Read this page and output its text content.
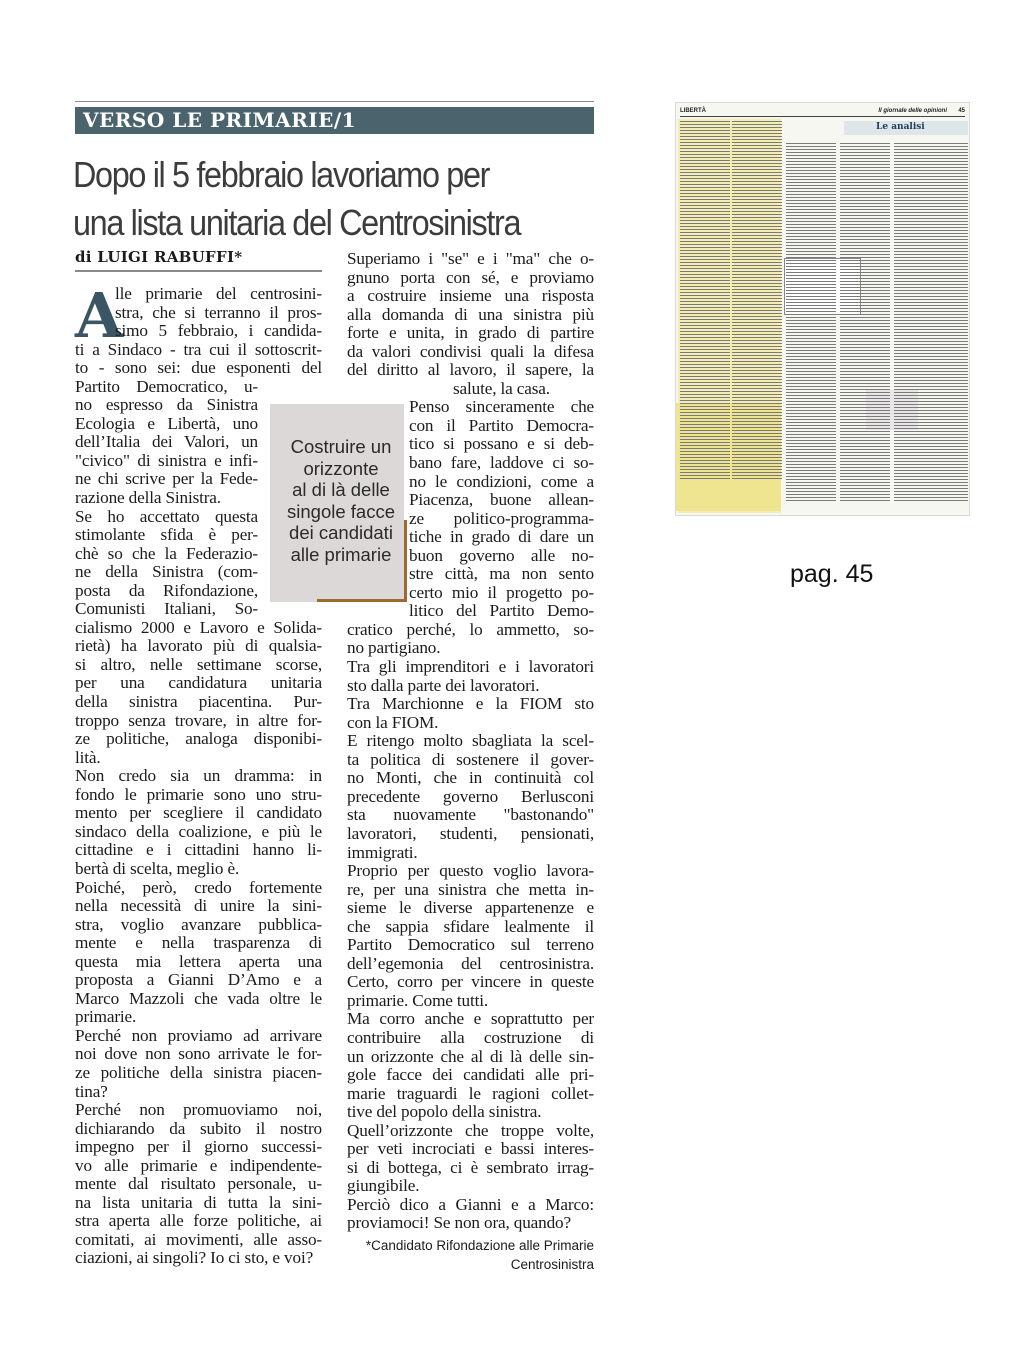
VERSO LE PRIMARIE/1
Dopo il 5 febbraio lavoriamo per
una lista unitaria del Centrosinistra
di LUIGI RABUFFI*
A
lle primarie del centrosini-
stra, che si terranno il pros-
simo 5 febbraio, i candida-
ti a Sindaco - tra cui il sottoscrit-
to - sono sei: due esponenti del
Partito Democratico, u-
no espresso da Sinistra
Ecologia e Libertà, uno
dell’Italia dei Valori, un
"civico" di sinistra e infi-
ne chi scrive per la Fede-
razione della Sinistra.
Se ho accettato questa
stimolante sfida è per-
chè so che la Federazio-
ne della Sinistra (com-
posta da Rifondazione,
Comunisti Italiani, So-
cialismo 2000 e Lavoro e Solida-
rietà) ha lavorato più di qualsia-
si altro, nelle settimane scorse,
per una candidatura unitaria
della sinistra piacentina. Pur-
troppo senza trovare, in altre for-
ze politiche, analoga disponibi-
lità.
Non credo sia un dramma: in
fondo le primarie sono uno stru-
mento per scegliere il candidato
sindaco della coalizione, e più le
cittadine e i cittadini hanno li-
bertà di scelta, meglio è.
Poiché, però, credo fortemente
nella necessità di unire la sini-
stra, voglio avanzare pubblica-
mente e nella trasparenza di
questa mia lettera aperta una
proposta a Gianni D’Amo e a
Marco Mazzoli che vada oltre le
primarie.
Perché non proviamo ad arrivare
noi dove non sono arrivate le for-
ze politiche della sinistra piacen-
tina?
Perché non promuoviamo noi,
dichiarando da subito il nostro
impegno per il giorno successi-
vo alle primarie e indipendente-
mente dal risultato personale, u-
na lista unitaria di tutta la sini-
stra aperta alle forze politiche, ai
comitati, ai movimenti, alle asso-
ciazioni, ai singoli? Io ci sto, e voi?
Superiamo i "se" e i "ma" che o-
gnuno porta con sé, e proviamo
a costruire insieme una risposta
alla domanda di una sinistra più
forte e unita, in grado di partire
da valori condivisi quali la difesa
del diritto al lavoro, il sapere, la
salute, la casa.
Penso sinceramente che
con il Partito Democra-
tico si possano e si deb-
bano fare, laddove ci so-
no le condizioni, come a
Piacenza, buone allean-
ze politico-programma-
tiche in grado di dare un
buon governo alle no-
stre città, ma non sento
certo mio il progetto po-
litico del Partito Demo-
cratico perché, lo ammetto, so-
no partigiano.
Tra gli imprenditori e i lavoratori
sto dalla parte dei lavoratori.
Tra Marchionne e la FIOM sto
con la FIOM.
E ritengo molto sbagliata la scel-
ta politica di sostenere il gover-
no Monti, che in continuità col
precedente governo Berlusconi
sta nuovamente "bastonando"
lavoratori, studenti, pensionati,
immigrati.
Proprio per questo voglio lavora-
re, per una sinistra che metta in-
sieme le diverse appartenenze e
che sappia sfidare lealmente il
Partito Democratico sul terreno
dell’egemonia del centrosinistra.
Certo, corro per vincere in queste
primarie. Come tutti.
Ma corro anche e soprattutto per
contribuire alla costruzione di
un orizzonte che al di là delle sin-
gole facce dei candidati alle pri-
marie traguardi le ragioni collet-
tive del popolo della sinistra.
Quell’orizzonte che troppe volte,
per veti incrociati e bassi interes-
si di bottega, ci è sembrato irrag-
giungibile.
Perciò dico a Gianni e a Marco:
proviamoci! Se non ora, quando?
Costruire un
orizzonte
al di là delle
singole facce
dei candidati
alle primarie
*Candidato Rifondazione alle Primarie
Centrosinistra
LIBERTÀ	Il giornale delle opinioni 45
Le analisi
pag. 45
